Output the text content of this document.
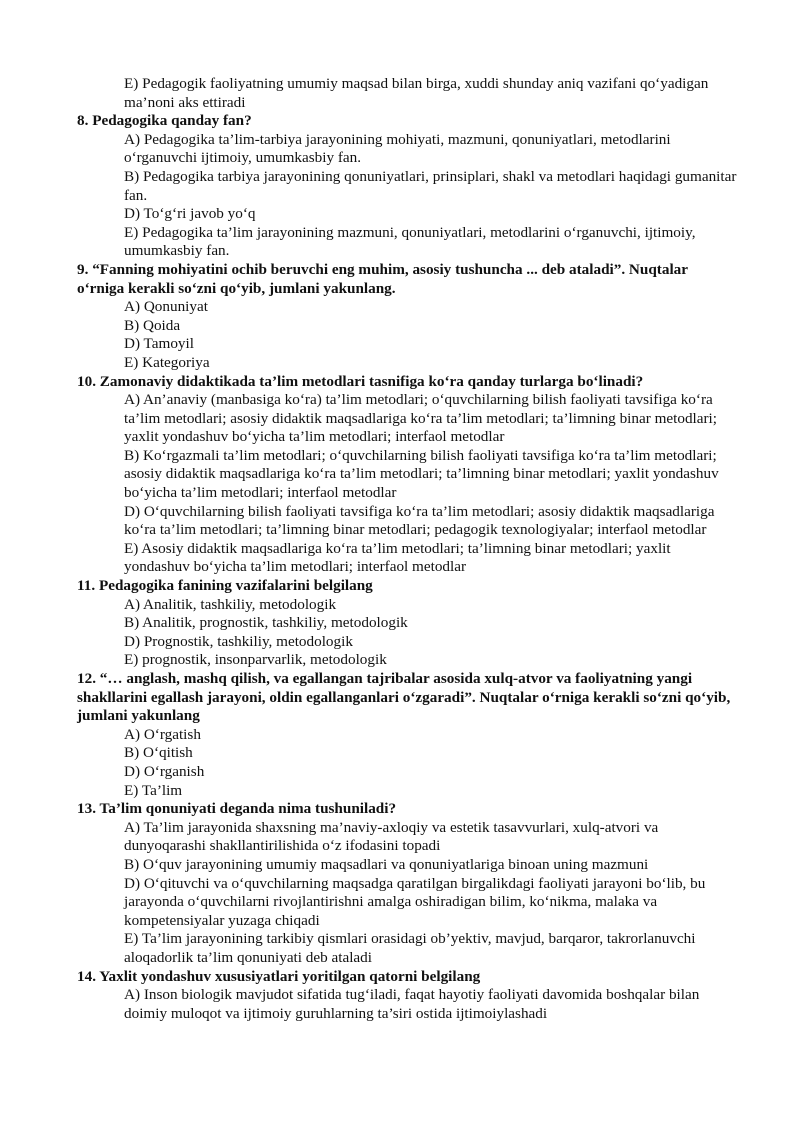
E) Pedagogik faoliyatning umumiy maqsad bilan birga, xuddi shunday aniq vazifani qo‘yadigan ma’noni aks ettiradi

8. Pedagogika qanday fan?

A) Pedagogika ta’lim-tarbiya jarayonining mohiyati, mazmuni, qonuniyatlari, metodlarini o‘rganuvchi ijtimoiy, umumkasbiy fan.

B) Pedagogika tarbiya jarayonining qonuniyatlari, prinsiplari, shakl va metodlari haqidagi gumanitar fan.

D) To‘g‘ri javob yo‘q

E) Pedagogika ta’lim jarayonining mazmuni, qonuniyatlari, metodlarini o‘rganuvchi, ijtimoiy, umumkasbiy fan.

9. “Fanning mohiyatini ochib beruvchi eng muhim, asosiy tushuncha ... deb ataladi”. Nuqtalar o‘rniga kerakli so‘zni qo‘yib, jumlani yakunlang.

A) Qonuniyat

B) Qoida

D) Tamoyil

E) Kategoriya

10. Zamonaviy didaktikada ta’lim metodlari tasnifiga ko‘ra qanday turlarga bo‘linadi?

A) An’anaviy (manbasiga ko‘ra) ta’lim metodlari; o‘quvchilarning bilish faoliyati tavsifiga ko‘ra ta’lim metodlari; asosiy didaktik maqsadlariga ko‘ra ta’lim metodlari; ta’limning binar metodlari; yaxlit yondashuv bo‘yicha ta’lim metodlari; interfaol metodlar

B) Ko‘rgazmali ta’lim metodlari; o‘quvchilarning bilish faoliyati tavsifiga ko‘ra ta’lim metodlari; asosiy didaktik maqsadlariga ko‘ra ta’lim metodlari; ta’limning binar metodlari; yaxlit yondashuv bo‘yicha ta’lim metodlari; interfaol metodlar

D) O‘quvchilarning bilish faoliyati tavsifiga ko‘ra ta’lim metodlari; asosiy didaktik maqsadlariga ko‘ra ta’lim metodlari; ta’limning binar metodlari; pedagogik texnologiyalar; interfaol metodlar

E) Asosiy didaktik maqsadlariga ko‘ra ta’lim metodlari; ta’limning binar metodlari; yaxlit yondashuv bo‘yicha ta’lim metodlari; interfaol metodlar

11. Pedagogika fanining vazifalarini belgilang

A) Analitik, tashkiliy, metodologik

B) Analitik, prognostik, tashkiliy, metodologik

D) Prognostik, tashkiliy, metodologik

E) prognostik, insonparvarlik, metodologik

12. “… anglash, mashq qilish, va egallangan tajribalar asosida xulq-atvor va faoliyatning yangi shakllarini egallash jarayoni, oldin egallanganlari o‘zgaradi”. Nuqtalar o‘rniga kerakli so‘zni qo‘yib, jumlani yakunlang

A) O‘rgatish

B) O‘qitish

D) O‘rganish

E) Ta’lim

13. Ta’lim qonuniyati deganda nima tushuniladi?

A) Ta’lim jarayonida shaxsning ma’naviy-axloqiy va estetik tasavvurlari, xulq-atvori va dunyoqarashi shakllantirilishida o‘z ifodasini topadi

B) O‘quv jarayonining umumiy maqsadlari va qonuniyatlariga binoan uning mazmuni

D) O‘qituvchi va o‘quvchilarning maqsadga qaratilgan birgalikdagi faoliyati jarayoni bo‘lib, bu jarayonda o‘quvchilarni rivojlantirishni amalga oshiradigan bilim, ko‘nikma, malaka va kompetensiyalar yuzaga chiqadi

E) Ta’lim jarayonining tarkibiy qismlari orasidagi ob’yektiv, mavjud, barqaror, takrorlanuvchi aloqadorlik ta’lim qonuniyati deb ataladi

14. Yaxlit yondashuv xususiyatlari yoritilgan qatorni belgilang

A) Inson biologik mavjudot sifatida tug‘iladi, faqat hayotiy faoliyati davomida boshqalar bilan doimiy muloqot va ijtimoiy guruhlarning ta’siri ostida ijtimoiylashadi
